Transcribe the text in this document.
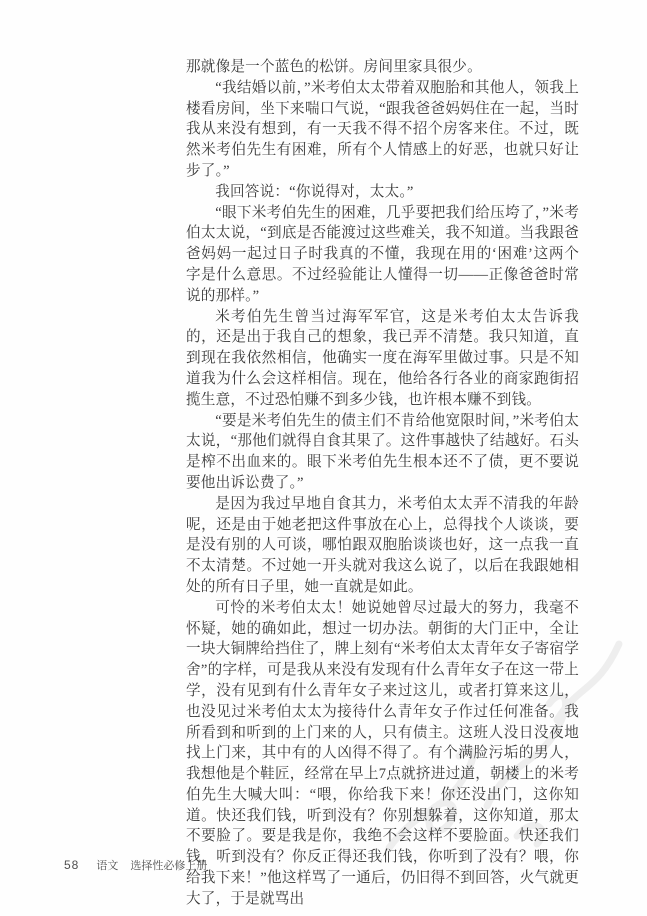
那就像是一个蓝色的松饼。房间里家具很少。

“我结婚以前，”米考伯太太带着双胞胎和其他人，领我上楼看房间，坐下来喘口气说，“跟我爸爸妈妈住在一起，当时我从来没有想到，有一天我不得不招个房客来住。不过，既然米考伯先生有困难，所有个人情感上的好恶，也就只好让步了。”

我回答说：“你说得对，太太。”

“眼下米考伯先生的困难，几乎要把我们给压垮了，”米考伯太太说，“到底是否能渡过这些难关，我不知道。当我跟爸爸妈妈一起过日子时我真的不懂，我现在用的‘困难’这两个字是什么意思。不过经验能让人懂得一切——正像爸爸时常说的那样。”

米考伯先生曾当过海军军官，这是米考伯太太告诉我的，还是出于我自己的想象，我已弄不清楚。我只知道，直到现在我依然相信，他确实一度在海军里做过事。只是不知道我为什么会这样相信。现在，他给各行各业的商家跑街招揽生意，不过恐怕赚不到多少钱，也许根本赚不到钱。

“要是米考伯先生的债主们不肯给他宽限时间，”米考伯太太说，“那他们就得自食其果了。这件事越快了结越好。石头是榨不出血来的。眼下米考伯先生根本还不了债，更不要说要他出诉讼费了。”

是因为我过早地自食其力，米考伯太太弄不清我的年龄呢，还是由于她老把这件事放在心上，总得找个人谈谈，要是没有别的人可谈，哪怕跟双胞胎谈谈也好，这一点我一直不太清楚。不过她一开头就对我这么说了，以后在我跟她相处的所有日子里，她一直就是如此。

可怜的米考伯太太！她说她曾尽过最大的努力，我毫不怀疑，她的确如此，想过一切办法。朝街的大门正中，全让一块大铜牌给挡住了，牌上刻有“米考伯太太青年女子寄宿学舍”的字样，可是我从来没有发现有什么青年女子在这一带上学，没有见到有什么青年女子来过这儿，或者打算来这儿，也没见过米考伯太太为接待什么青年女子作过任何准备。我所看到和听到的上门来的人，只有债主。这班人没日没夜地找上门来，其中有的人凶得不得了。有个满脸污垢的男人，我想他是个鞋匠，经常在早上7点就挤进过道，朝楼上的米考伯先生大喊大叫：“喂，你给我下来！你还没出门，这你知道。快还我们钱，听到没有？你别想躲着，这你知道，那太不要脸了。要是我是你，我绝不会这样不要脸面。快还我们钱，听到没有？你反正得还我们钱，你听到了没有？喂，你给我下来！”他这样骂了一通后，仍旧得不到回答，火气就更大了，于是就骂出

58 语文 选择性必修上册
